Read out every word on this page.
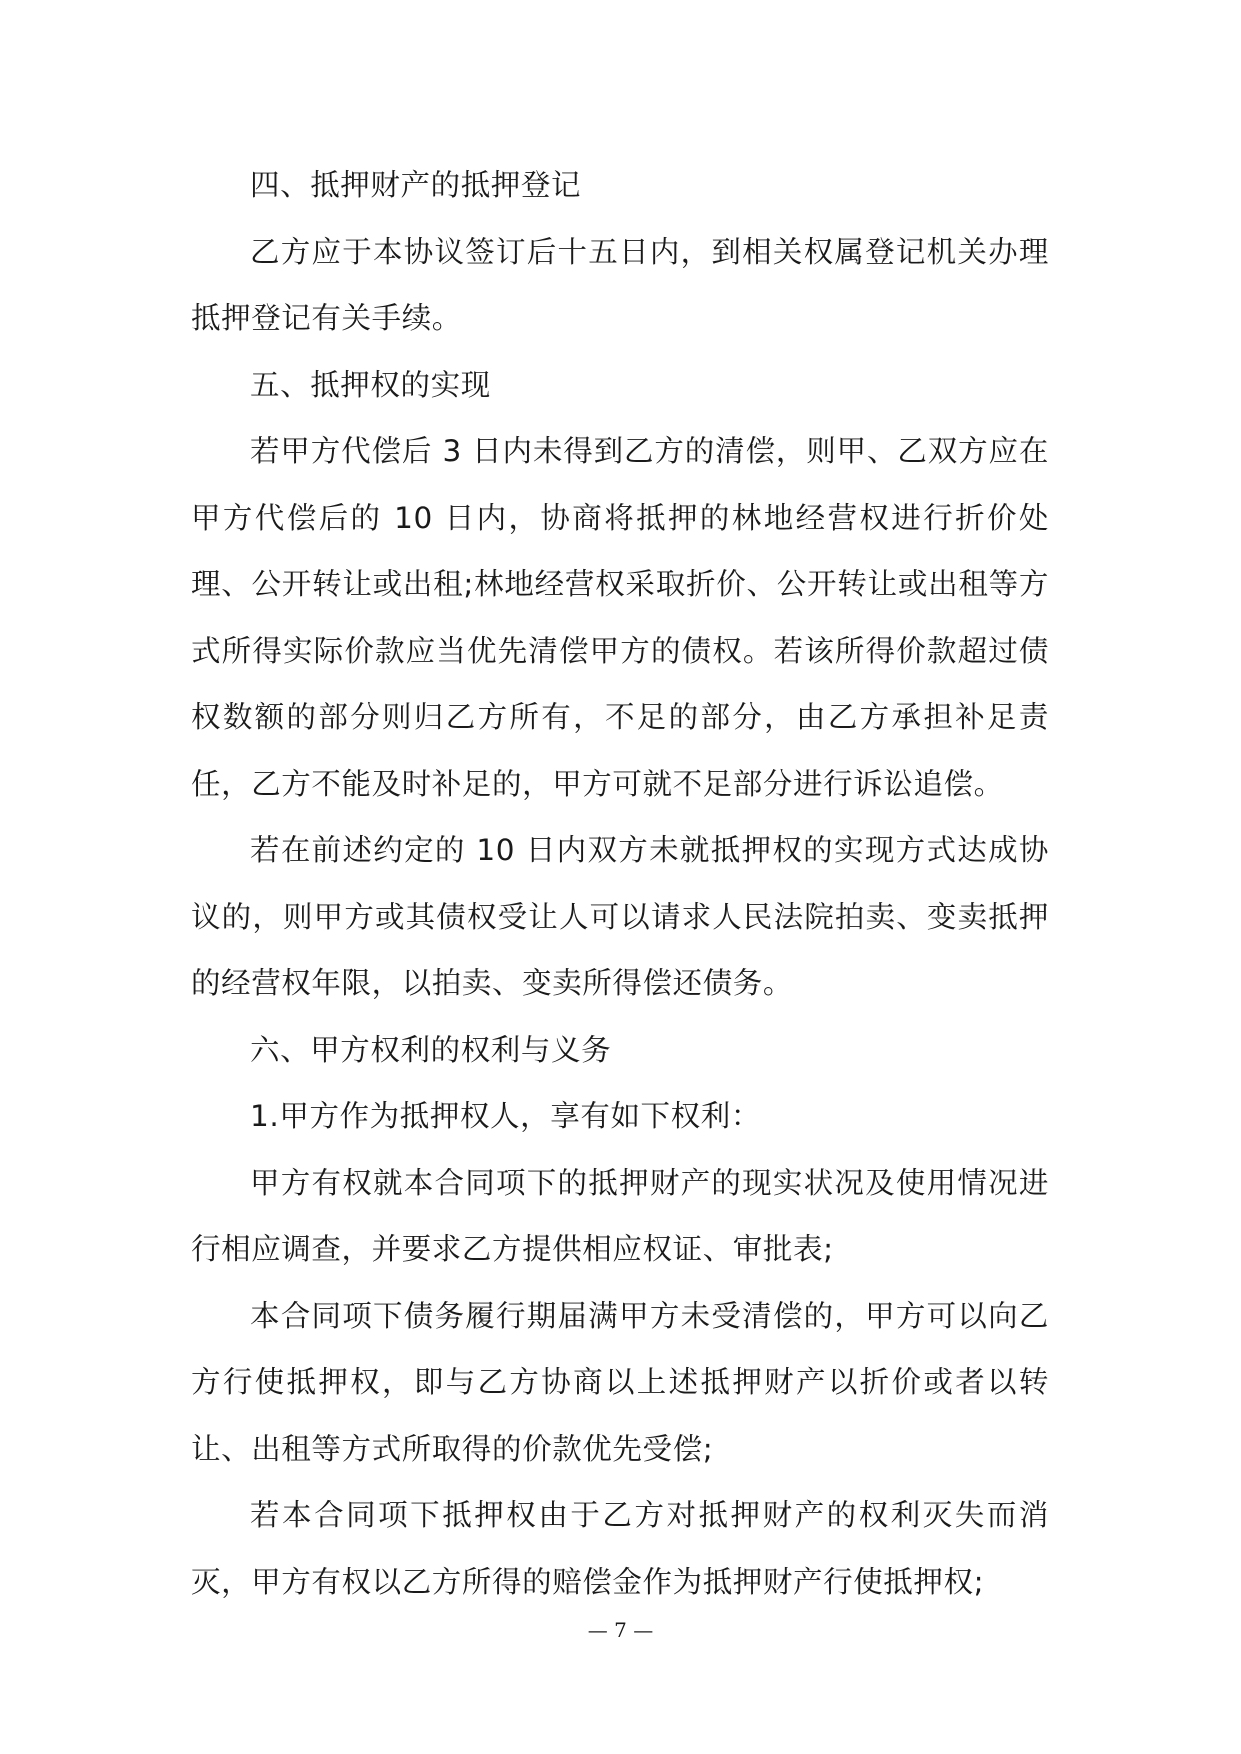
四、抵押财产的抵押登记

乙方应于本协议签订后十五日内，到相关权属登记机关办理抵押登记有关手续。

五、抵押权的实现

若甲方代偿后 3 日内未得到乙方的清偿，则甲、乙双方应在甲方代偿后的 10 日内，协商将抵押的林地经营权进行折价处理、公开转让或出租;林地经营权采取折价、公开转让或出租等方式所得实际价款应当优先清偿甲方的债权。若该所得价款超过债权数额的部分则归乙方所有，不足的部分，由乙方承担补足责任，乙方不能及时补足的，甲方可就不足部分进行诉讼追偿。

若在前述约定的 10 日内双方未就抵押权的实现方式达成协议的，则甲方或其债权受让人可以请求人民法院拍卖、变卖抵押的经营权年限，以拍卖、变卖所得偿还债务。

六、甲方权利的权利与义务

1.甲方作为抵押权人，享有如下权利：

甲方有权就本合同项下的抵押财产的现实状况及使用情况进行相应调查，并要求乙方提供相应权证、审批表;

本合同项下债务履行期届满甲方未受清偿的，甲方可以向乙方行使抵押权，即与乙方协商以上述抵押财产以折价或者以转让、出租等方式所取得的价款优先受偿;

若本合同项下抵押权由于乙方对抵押财产的权利灭失而消灭，甲方有权以乙方所得的赔偿金作为抵押财产行使抵押权;

— 7 —
